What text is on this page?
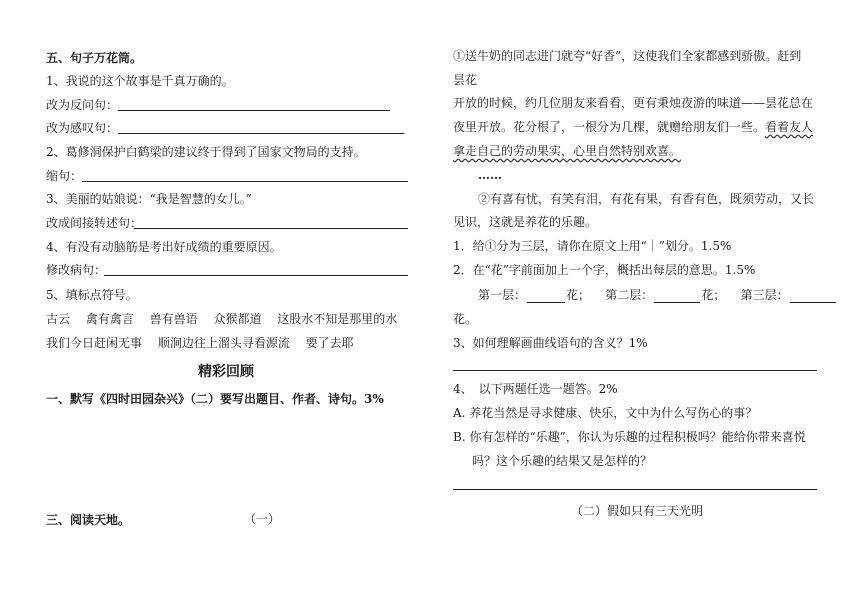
五、句子万花筒。
1、我说的这个故事是千真万确的。
改为反问句：
改为感叹句：
2、葛修洞保护白鹤梁的建议终于得到了国家文物局的支持。
缩句：
3、美丽的姑娘说：“我是智慧的女儿。”
改成间接转述句：
4、有没有动脑筋是考出好成绩的重要原因。
修改病句：
5、填标点符号。
古云　 禽有禽言　 兽有兽语　 众猴都道　 这股水不知是那里的水
我们今日赶闲无事　 顺涧边往上溜头寻看源流　 要了去耶
精彩回顾
一、默写《四时田园杂兴》（二）要写出题目、作者、诗句。3%
三、阅读天地。	（一）
①送牛奶的同志进门就夸“好香”，这使我们全家都感到骄傲。赶到
昙花
开放的时候，约几位朋友来看看，更有秉烛夜游的味道——昙花总在
夜里开放。花分根了，一根分为几棵，就赠给朋友们一些。看着友人
拿走自己的劳动果实，心里自然特别欢喜。
……
②有喜有忧，有笑有泪，有花有果，有香有色，既须劳动，又长
见识，这就是养花的乐趣。
1．给①分为三层，请你在原文上用“｜”划分。1.5%
2．在“花”字前面加上一个字，概括出每层的意思。1.5%
第一层：	花； 第二层：	花； 第三层：
花。
3、如何理解画曲线语句的含义？1%
4、　以下两题任选一题答。2%
A. 养花当然是寻求健康、快乐，文中为什么写伤心的事？
B. 你有怎样的“乐趣”，你认为乐趣的过程积极吗？能给你带来喜悦
吗？这个乐趣的结果又是怎样的？
（二）假如只有三天光明
